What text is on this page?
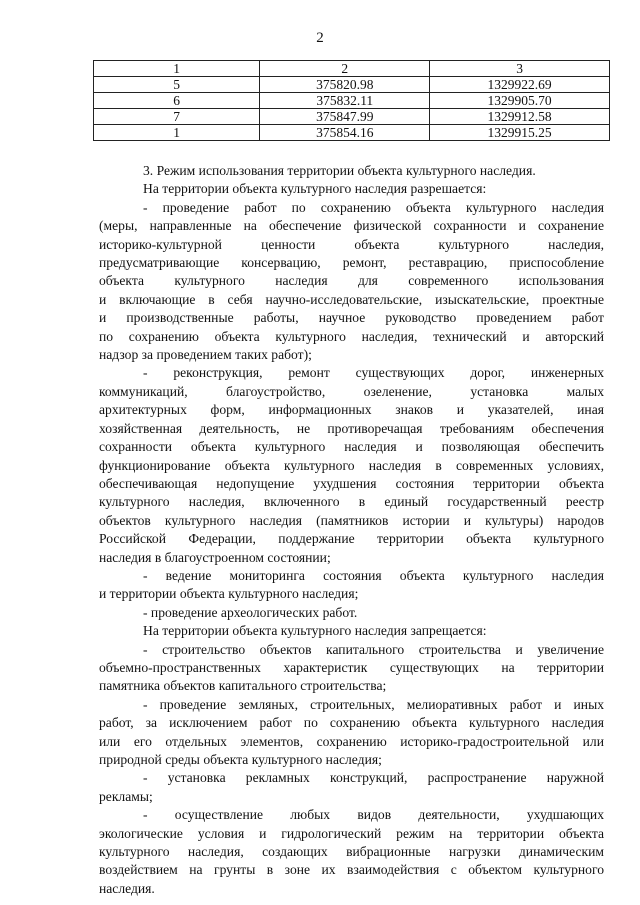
2
1	2	3
5	375820.98	1329922.69
6	375832.11	1329905.70
7	375847.99	1329912.58
1	375854.16	1329915.25
3. Режим использования территории объекта культурного наследия.
На территории объекта культурного наследия разрешается:
- проведение работ по сохранению объекта культурного наследия
(меры, направленные на обеспечение физической сохранности и сохранение
историко-культурной ценности объекта культурного наследия,
предусматривающие консервацию, ремонт, реставрацию, приспособление
объекта культурного наследия для современного использования
и включающие в себя научно-исследовательские, изыскательские, проектные
и производственные работы, научное руководство проведением работ
по сохранению объекта культурного наследия, технический и авторский
надзор за проведением таких работ);
- реконструкция, ремонт существующих дорог, инженерных
коммуникаций, благоустройство, озеленение, установка малых
архитектурных форм, информационных знаков и указателей, иная
хозяйственная деятельность, не противоречащая требованиям обеспечения
сохранности объекта культурного наследия и позволяющая обеспечить
функционирование объекта культурного наследия в современных условиях,
обеспечивающая недопущение ухудшения состояния территории объекта
культурного наследия, включенного в единый государственный реестр
объектов культурного наследия (памятников истории и культуры) народов
Российской Федерации, поддержание территории объекта культурного
наследия в благоустроенном состоянии;
- ведение мониторинга состояния объекта культурного наследия
и территории объекта культурного наследия;
- проведение археологических работ.
На территории объекта культурного наследия запрещается:
- строительство объектов капитального строительства и увеличение
объемно-пространственных характеристик существующих на территории
памятника объектов капитального строительства;
- проведение земляных, строительных, мелиоративных работ и иных
работ, за исключением работ по сохранению объекта культурного наследия
или его отдельных элементов, сохранению историко-градостроительной или
природной среды объекта культурного наследия;
- установка рекламных конструкций, распространение наружной
рекламы;
- осуществление любых видов деятельности, ухудшающих
экологические условия и гидрологический режим на территории объекта
культурного наследия, создающих вибрационные нагрузки динамическим
воздействием на грунты в зоне их взаимодействия с объектом культурного
наследия.
